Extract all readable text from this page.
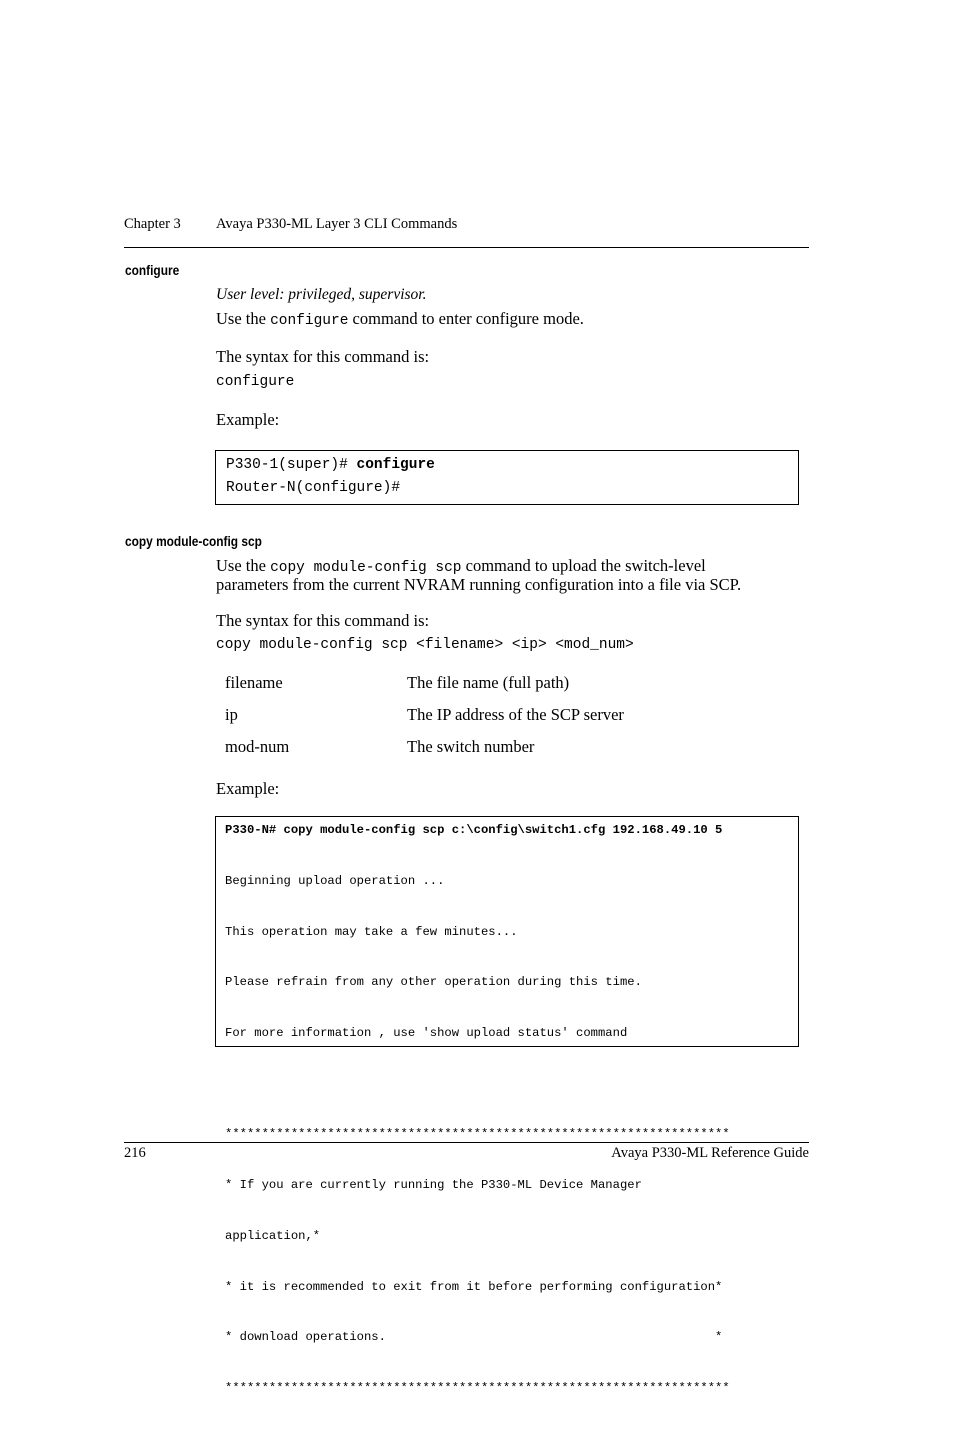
Chapter 3 Avaya P330-ML Layer 3 CLI Commands
configure
User level: privileged, supervisor.
Use the configure command to enter configure mode.
The syntax for this command is:
configure
Example:
P330-1(super)# configure
Router-N(configure)#
copy module-config scp
Use the copy module-config scp command to upload the switch-level
parameters from the current NVRAM running configuration into a file via SCP.
The syntax for this command is:
copy module-config scp <filename> <ip> <mod_num>
filename	The file name (full path)
ip	The IP address of the SCP server
mod-num	The switch number
Example:
P330-N# copy module-config scp c:\config\switch1.cfg 192.168.49.10 5

Beginning upload operation ...

This operation may take a few minutes...

Please refrain from any other operation during this time.

For more information , use 'show upload status' command

*********************************************************************

* If you are currently running the P330-ML Device Manager

application,*

* it is recommended to exit from it before performing configuration*

* download operations.                                             *

*********************************************************************

216	Avaya P330-ML Reference Guide
